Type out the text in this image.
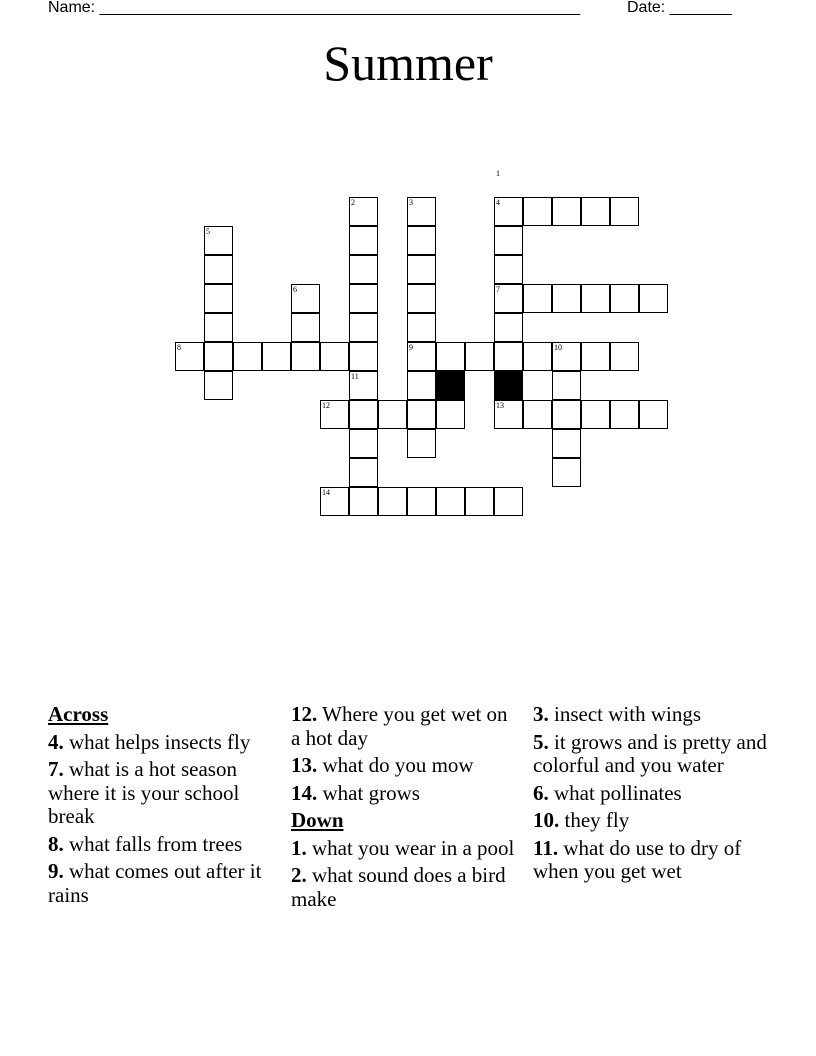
Name: ______________________________________________________	Date: _______
Summer
1
2	3	4
5
6	7
8	9	10
11
12	13
14
Across
4. what helps insects fly
7. what is a hot season where it is your school break
8. what falls from trees
9. what comes out after it rains
12. Where you get wet on a hot day
13. what do you mow
14. what grows
Down
1. what you wear in a pool
2. what sound does a bird make
3. insect with wings
5. it grows and is pretty and colorful and you water
6. what pollinates
10. they fly
11. what do use to dry of when you get wet
